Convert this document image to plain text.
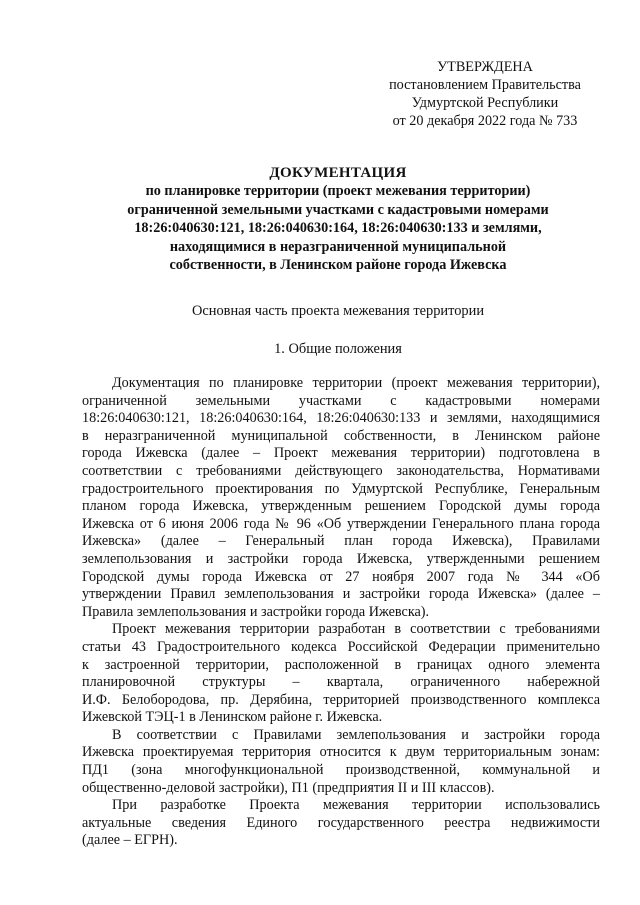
УТВЕРЖДЕНА
постановлением Правительства
Удмуртской Республики
от 20 декабря 2022 года № 733
ДОКУМЕНТАЦИЯ
по планировке территории (проект межевания территории)
ограниченной земельными участками с кадастровыми номерами
18:26:040630:121, 18:26:040630:164, 18:26:040630:133 и землями,
находящимися в неразграниченной муниципальной
собственности, в Ленинском районе города Ижевска
Основная часть проекта межевания территории
1. Общие положения
Документация по планировке территории (проект межевания территории),
ограниченной земельными участками с кадастровыми номерами
18:26:040630:121, 18:26:040630:164, 18:26:040630:133 и землями, находящимися
в неразграниченной муниципальной собственности, в Ленинском районе
города Ижевска (далее – Проект межевания территории) подготовлена в
соответствии с требованиями действующего законодательства, Нормативами
градостроительного проектирования по Удмуртской Республике, Генеральным
планом города Ижевска, утвержденным решением Городской думы города
Ижевска от 6 июня 2006 года № 96 «Об утверждении Генерального плана города
Ижевска» (далее – Генеральный план города Ижевска), Правилами
землепользования и застройки города Ижевска, утвержденными решением
Городской думы города Ижевска от 27 ноября 2007 года № 344 «Об
утверждении Правил землепользования и застройки города Ижевска» (далее –
Правила землепользования и застройки города Ижевска).
Проект межевания территории разработан в соответствии с требованиями
статьи 43 Градостроительного кодекса Российской Федерации применительно
к застроенной территории, расположенной в границах одного элемента
планировочной структуры – квартала, ограниченного набережной
И.Ф. Белобородова, пр. Дерябина, территорией производственного комплекса
Ижевской ТЭЦ-1 в Ленинском районе г. Ижевска.
В соответствии с Правилами землепользования и застройки города
Ижевска проектируемая территория относится к двум территориальным зонам:
ПД1 (зона многофункциональной производственной, коммунальной и
общественно-деловой застройки), П1 (предприятия II и III классов).
При разработке Проекта межевания территории использовались
актуальные сведения Единого государственного реестра недвижимости
(далее – ЕГРН).
